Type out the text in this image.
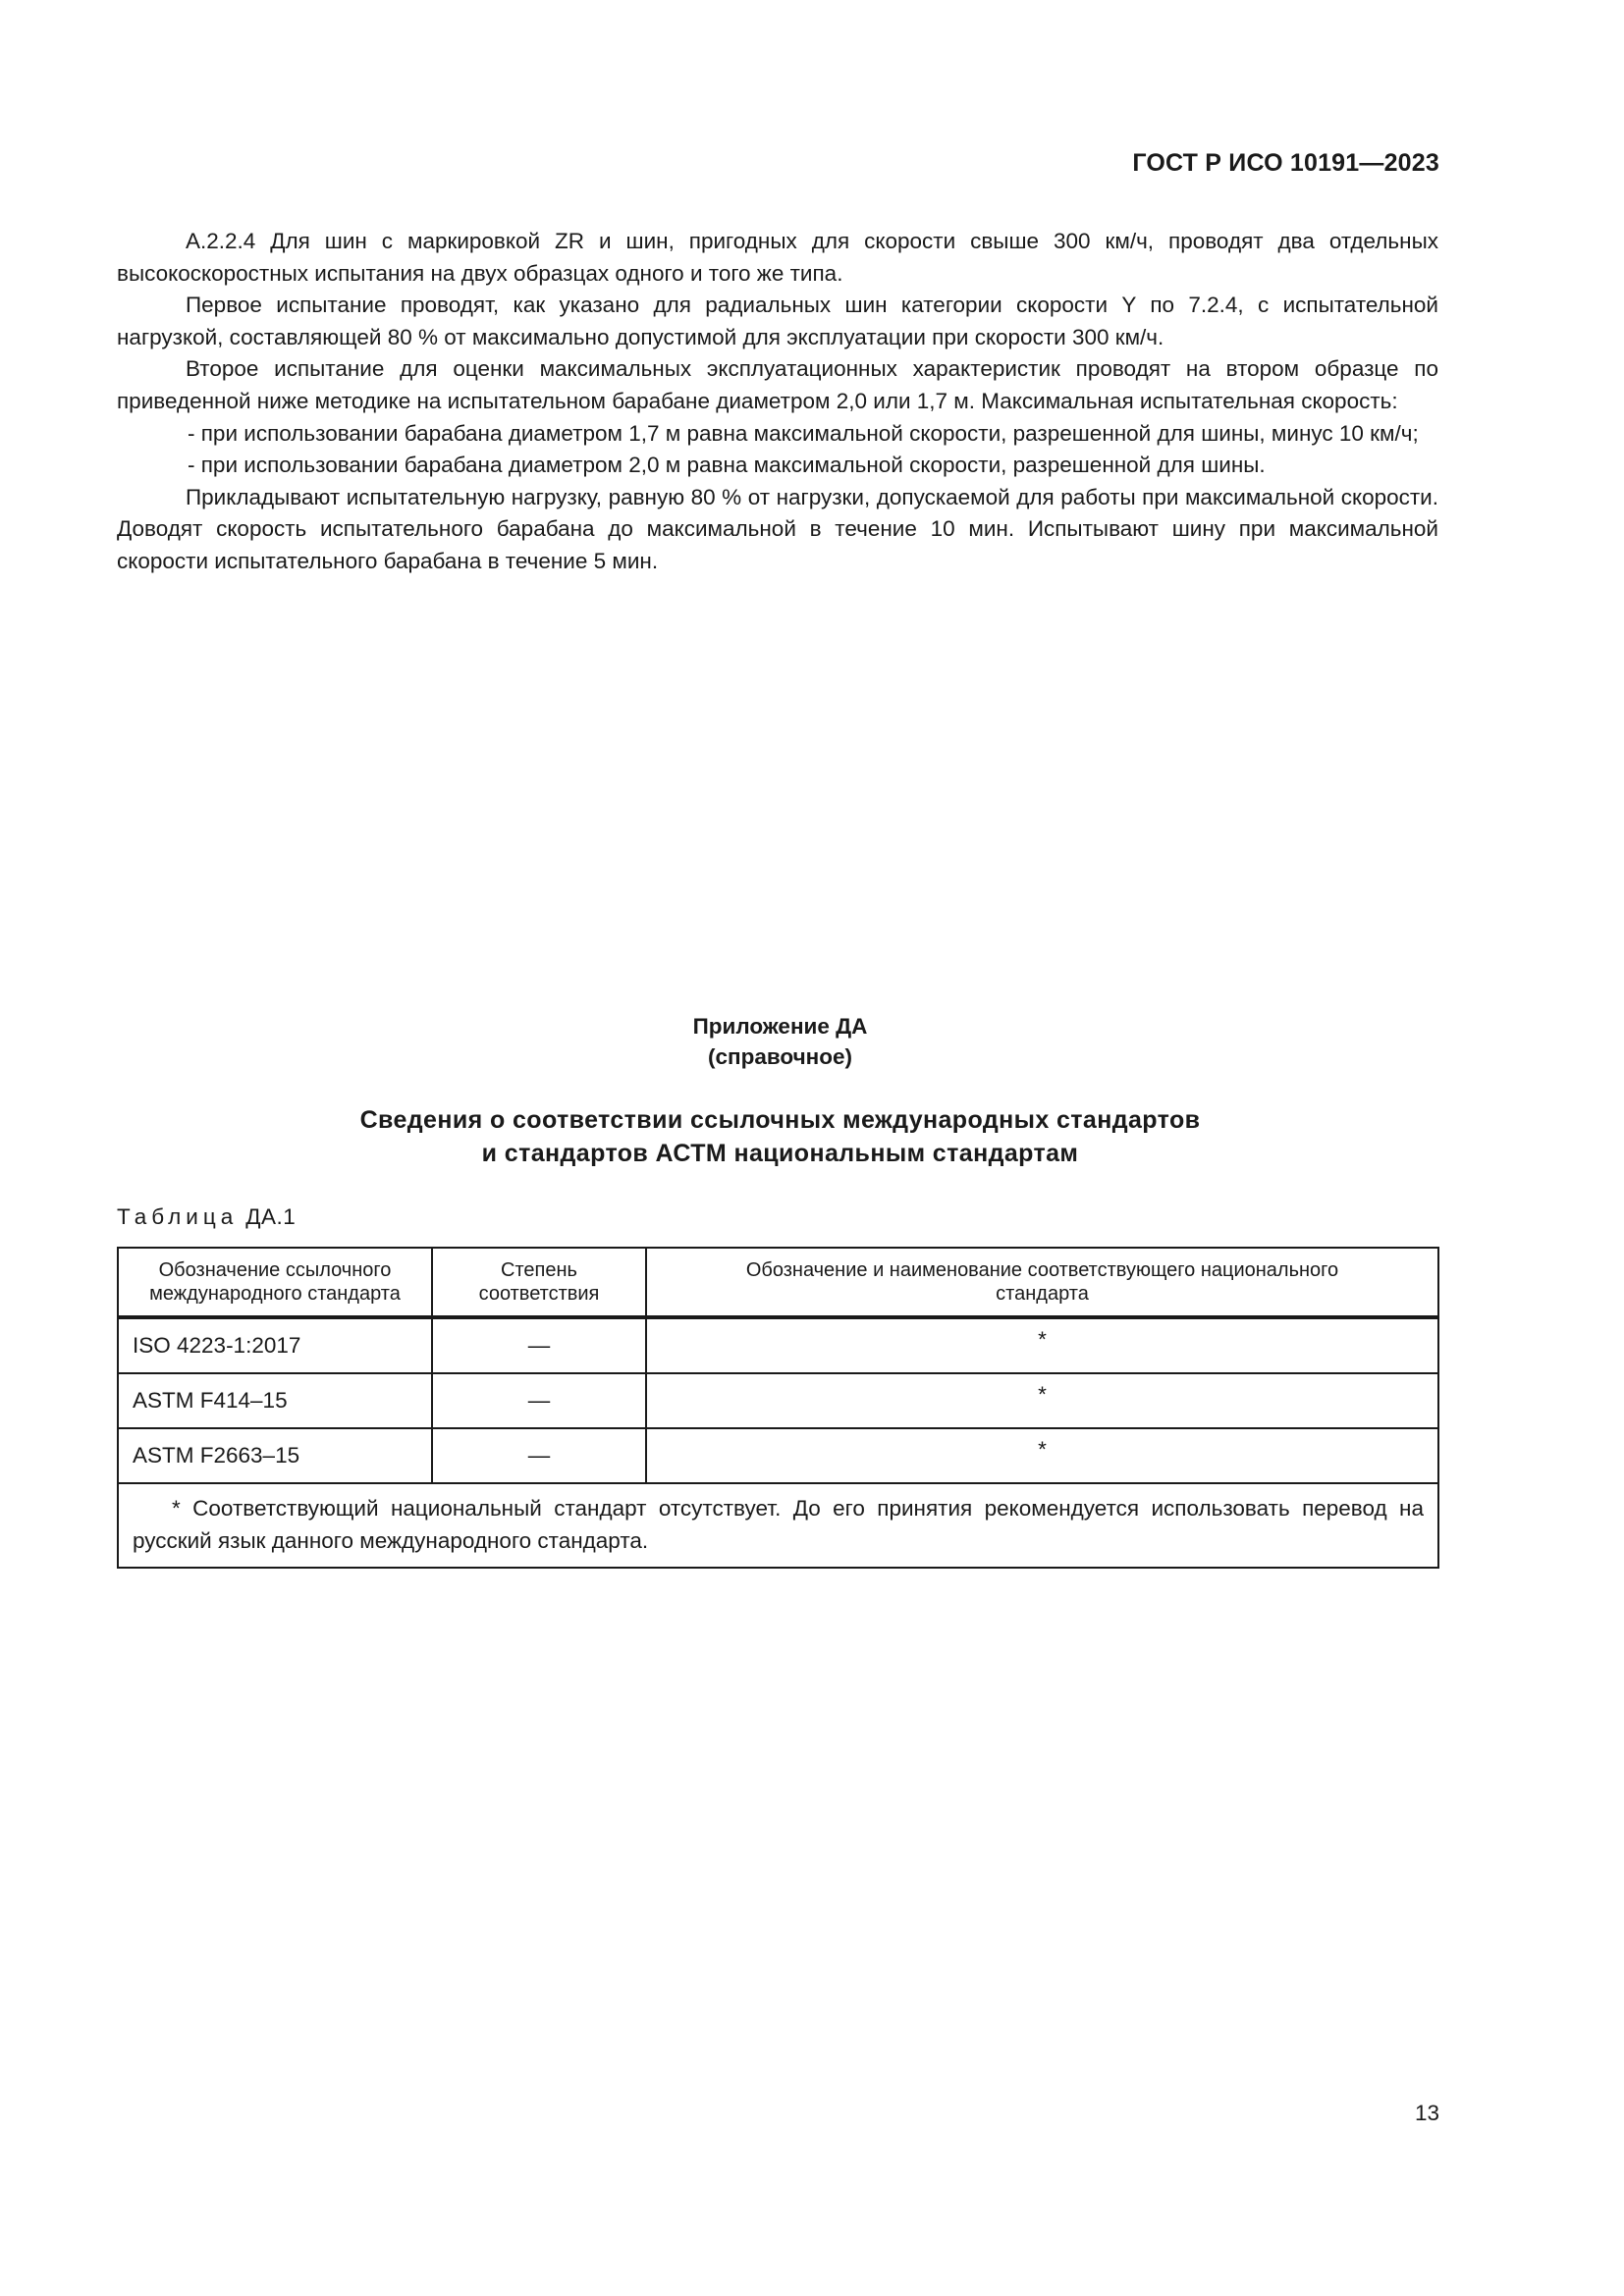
ГОСТ Р ИСО 10191—2023

А.2.2.4 Для шин с маркировкой ZR и шин, пригодных для скорости свыше 300 км/ч, проводят два отдельных высокоскоростных испытания на двух образцах одного и того же типа.

Первое испытание проводят, как указано для радиальных шин категории скорости Y по 7.2.4, с испытательной нагрузкой, составляющей 80 % от максимально допустимой для эксплуатации при скорости 300 км/ч.

Второе испытание для оценки максимальных эксплуатационных характеристик проводят на втором образце по приведенной ниже методике на испытательном барабане диаметром 2,0 или 1,7 м. Максимальная испытательная скорость:

- при использовании барабана диаметром 1,7 м равна максимальной скорости, разрешенной для шины, минус 10 км/ч;

- при использовании барабана диаметром 2,0 м равна максимальной скорости, разрешенной для шины.

Прикладывают испытательную нагрузку, равную 80 % от нагрузки, допускаемой для работы при максимальной скорости. Доводят скорость испытательного барабана до максимальной в течение 10 мин. Испытывают шину при максимальной скорости испытательного барабана в течение 5 мин.

Приложение ДА
(справочное)
Сведения о соответствии ссылочных международных стандартов
и стандартов АСТМ национальным стандартам
Таблица ДА.1
Обозначение ссылочного международного стандарта	Степень соответствия	Обозначение и наименование соответствующего национального стандарта
ISO 4223-1:2017	—	*
ASTM F414–15	—	*
ASTM F2663–15	—	*
* Соответствующий национальный стандарт отсутствует. До его принятия рекомендуется использовать перевод на русский язык данного международного стандарта.		
13
